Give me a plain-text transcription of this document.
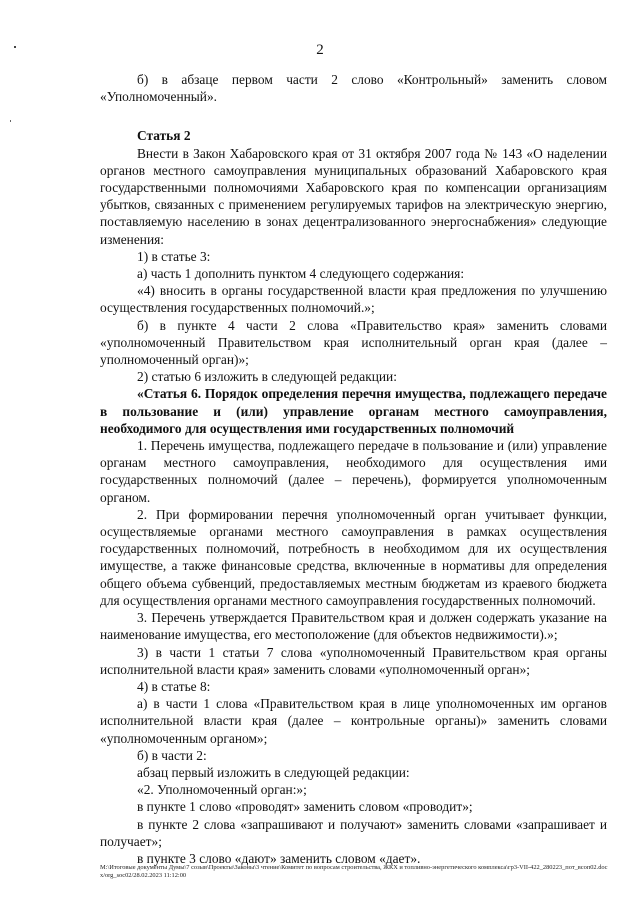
2

б) в абзаце первом части 2 слово «Контрольный» заменить словом «Уполномоченный».

Статья 2

Внести в Закон Хабаровского края от 31 октября 2007 года № 143 «О наделении органов местного самоуправления муниципальных образований Хабаровского края государственными полномочиями Хабаровского края по компенсации организациям убытков, связанных с применением регулируемых тарифов на электрическую энергию, поставляемую населению в зонах децентрализованного энергоснабжения» следующие изменения:

1) в статье 3:

а) часть 1 дополнить пунктом 4 следующего содержания:

«4) вносить в органы государственной власти края предложения по улучшению осуществления государственных полномочий.»;

б) в пункте 4 части 2 слова «Правительство края» заменить словами «уполномоченный Правительством края исполнительный орган края (далее – уполномоченный орган)»;

2) статью 6 изложить в следующей редакции:

«Статья 6. Порядок определения перечня имущества, подлежащего передаче в пользование и (или) управление органам местного самоуправления, необходимого для осуществления ими государственных полномочий

1. Перечень имущества, подлежащего передаче в пользование и (или) управление органам местного самоуправления, необходимого для осуществления ими государственных полномочий (далее – перечень), формируется уполномоченным органом.

2. При формировании перечня уполномоченный орган учитывает функции, осуществляемые органами местного самоуправления в рамках осуществления государственных полномочий, потребность в необходимом для их осуществления имуществе, а также финансовые средства, включенные в нормативы для определения общего объема субвенций, предоставляемых местным бюджетам из краевого бюджета для осуществления органами местного самоуправления государственных полномочий.

3. Перечень утверждается Правительством края и должен содержать указание на наименование имущества, его местоположение (для объектов недвижимости).»;

3) в части 1 статьи 7 слова «уполномоченный Правительством края органы исполнительной власти края» заменить словами «уполномоченный орган»;

4) в статье 8:

а) в части 1 слова «Правительством края в лице уполномоченных им органов исполнительной власти края (далее – контрольные органы)» заменить словами «уполномоченным органом»;

б) в части 2:

абзац первый изложить в следующей редакции:

«2. Уполномоченный орган:»;

в пункте 1 слово «проводят» заменить словом «проводит»;

в пункте 2 слова «запрашивают и получают» заменить словами «запрашивает и получает»;

в пункте 3 слово «дают» заменить словом «дает».

M:\Итоговые документы Думы\7 созыв\Проекты\Законы\3 чтение\Комитет по вопросам строительства, ЖКХ и топливно-энергетического комплекса\гр3-VII-422_280223_пот_всоп02.docx/org_soc02/28.02.2023 11:12:00
